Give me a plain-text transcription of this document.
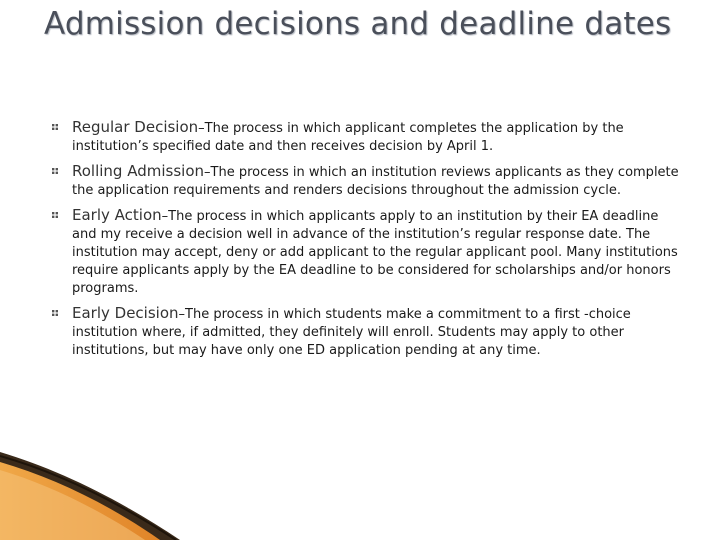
Admission decisions and deadline dates
Regular Decision–The process in which applicant completes the application by the institution’s specified date and then receives decision by April 1.
Rolling Admission–The process in which an institution reviews applicants as they complete the application requirements and renders decisions throughout the admission cycle.
Early Action–The process in which applicants apply to an institution by their EA deadline and my receive a decision well in advance of the institution’s regular response date. The institution may accept, deny or add applicant to the regular applicant pool. Many institutions require applicants apply by the EA deadline to be considered for scholarships and/or honors programs.
Early Decision–The process in which students make a commitment to a first -choice institution where, if admitted, they definitely will enroll. Students may apply to other institutions, but may have only one ED application pending at any time.
